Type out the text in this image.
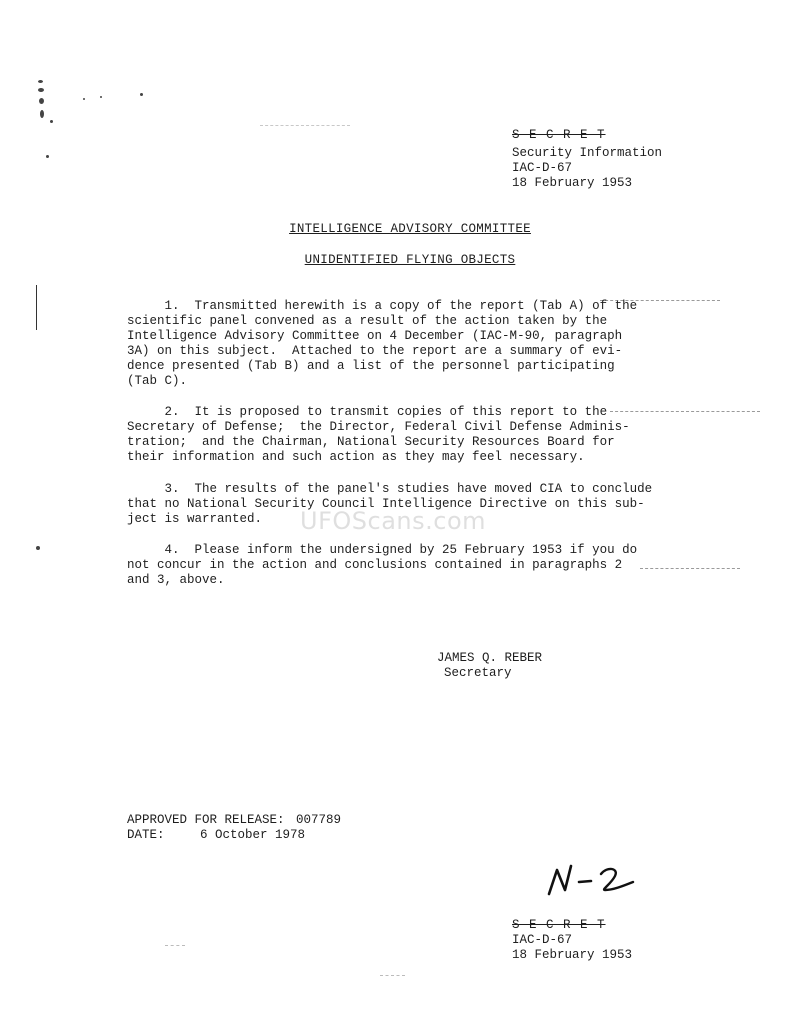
S-E-C-R-E-T
Security Information
IAC-D-67
18 February 1953
INTELLIGENCE ADVISORY COMMITTEE
UNIDENTIFIED FLYING OBJECTS
1.  Transmitted herewith is a copy of the report (Tab A) of the
scientific panel convened as a result of the action taken by the
Intelligence Advisory Committee on 4 December (IAC-M-90, paragraph
3A) on this subject.  Attached to the report are a summary of evi-
dence presented (Tab B) and a list of the personnel participating
(Tab C).
2.  It is proposed to transmit copies of this report to the
Secretary of Defense;  the Director, Federal Civil Defense Adminis-
tration;  and the Chairman, National Security Resources Board for
their information and such action as they may feel necessary.
3.  The results of the panel's studies have moved CIA to conclude
that no National Security Council Intelligence Directive on this sub-
ject is warranted.
4.  Please inform the undersigned by 25 February 1953 if you do
not concur in the action and conclusions contained in paragraphs 2
and 3, above.
UFOScans.com
JAMES Q. REBER
Secretary
APPROVED FOR RELEASE: 007789
DATE:	6 October 1978
S-E-C-R-E-T
IAC-D-67
18 February 1953
